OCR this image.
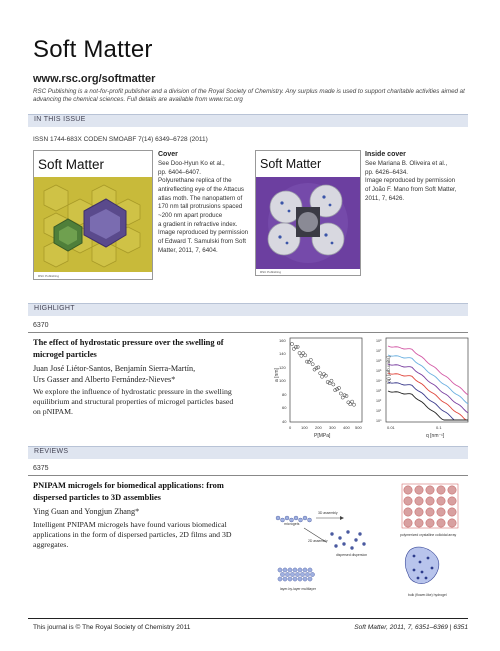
Soft Matter
www.rsc.org/softmatter
RSC Publishing is a not-for-profit publisher and a division of the Royal Society of Chemistry. Any surplus made is used to support charitable activities aimed at advancing the chemical sciences. Full details are available from www.rsc.org
IN THIS ISSUE
ISSN 1744-683X CODEN SMOABF 7(14) 6349–6728 (2011)
RSC Publishing
Soft Matter
Cover
See Doo-Hyun Ko et al.,
pp. 6404–6407.
Polyurethane replica of the
antireflecting eye of the Attacus
atlas moth. The nanopattern of
170 nm tall protrusions spaced
~200 nm apart produce
a gradient in refractive index.
Image reproduced by permission
of Edward T. Samulski from Soft
Matter, 2011, 7, 6404.
RSC Publishing
Soft Matter
Inside cover
See Mariana B. Oliveira et al.,
pp. 6426–6434.
Image reproduced by permission
of João F. Mano from Soft Matter,
2011, 7, 6426.
HIGHLIGHT
6370
The effect of hydrostatic pressure over the swelling of
microgel particles
Juan José Liétor-Santos, Benjamín Sierra-Martín,
Urs Gasser and Alberto Fernández-Nieves*
We explore the influence of hydrostatic pressure in the swelling
equilibrium and structural properties of microgel particles based
on pNIPAM.
a [nm]
P[MPa]
160
140
120
100
80
60
40
0 100 200 300 400 500
I(q) [arb.units]
q [nm⁻¹]
10⁸
10⁷
10⁶
10⁵
10⁴
10³
10²
10¹
10⁰
0.01	0.1
REVIEWS
6375
PNIPAM microgels for biomedical applications: from
dispersed particles to 3D assemblies
Ying Guan and Yongjun Zhang*
Intelligent PNIPAM microgels have found various biomedical
applications in the form of dispersed particles, 2D films and 3D
aggregates.
microgels
3D assembly
2D assembly
dispersed dispersion
polymerized crystalline colloidal array
layer-by-layer multilayer
bulk (flower-like) hydrogel
This journal is © The Royal Society of Chemistry 2011	Soft Matter, 2011, 7, 6351–6369 | 6351
